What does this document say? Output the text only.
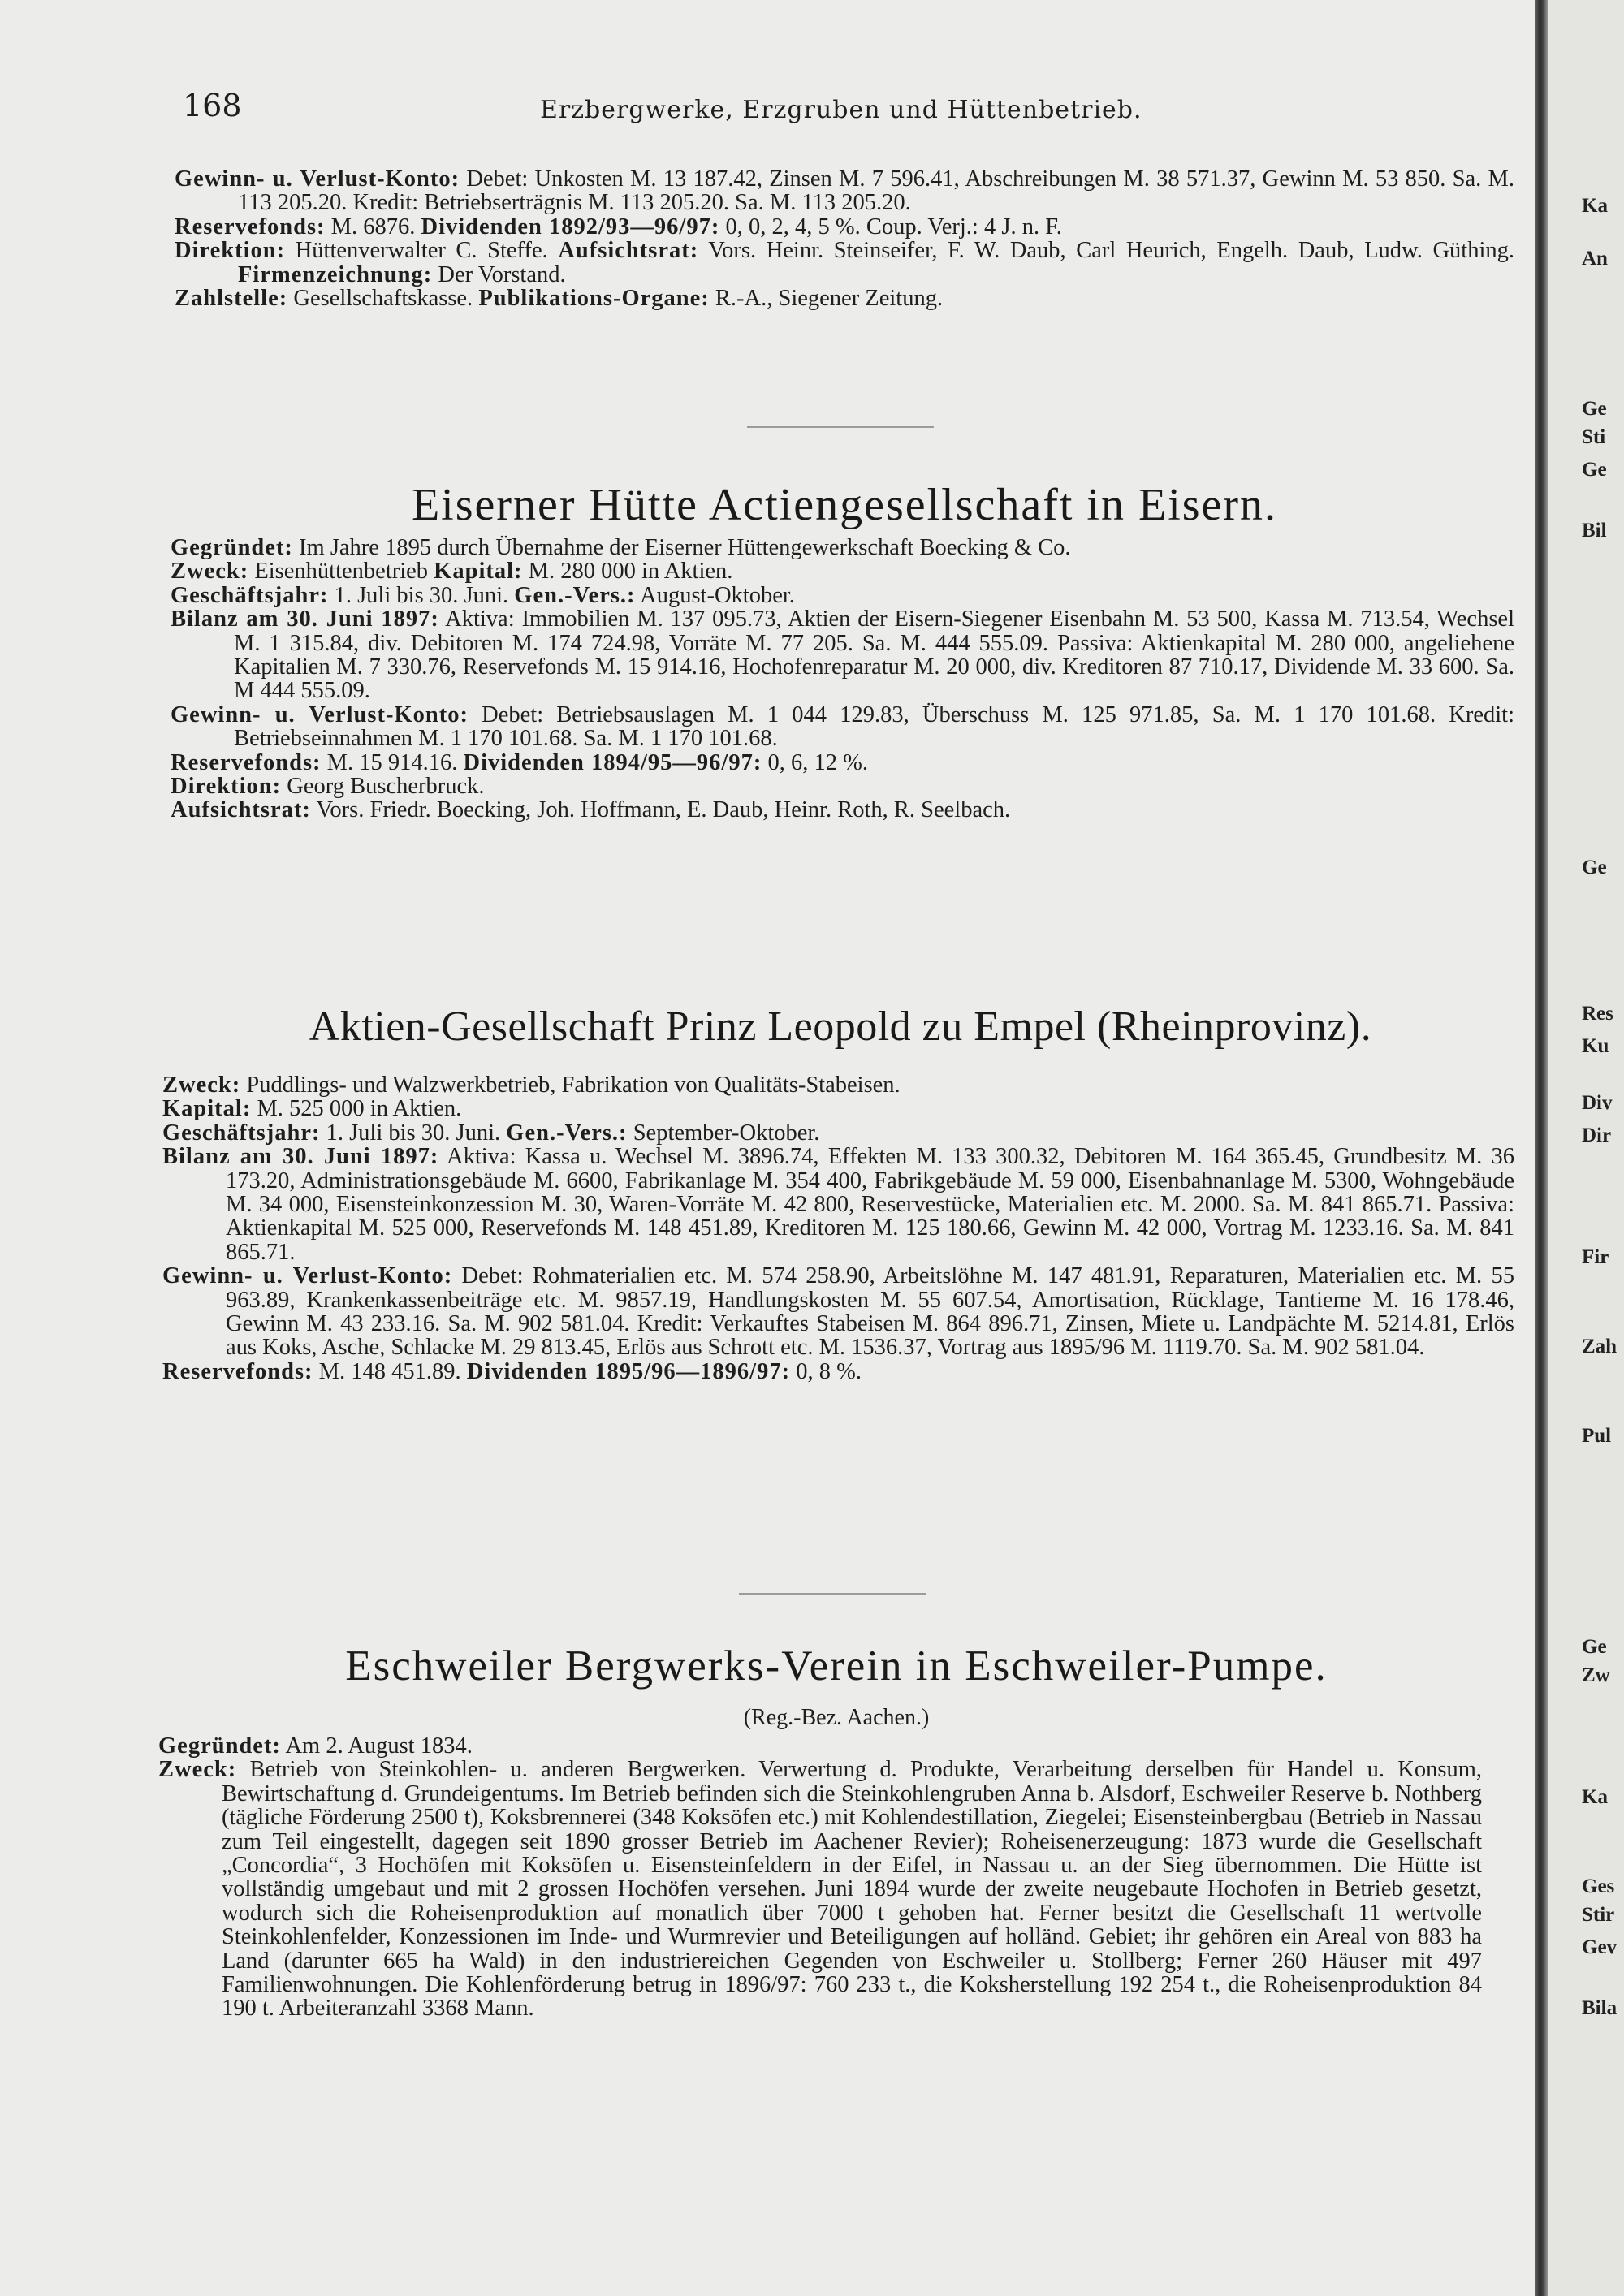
168	Erzbergwerke, Erzgruben und Hüttenbetrieb.

Gewinn- u. Verlust-Konto: Debet: Unkosten M. 13 187.42, Zinsen M. 7 596.41, Abschreibungen M. 38 571.37, Gewinn M. 53 850. Sa. M. 113 205.20. Kredit: Betriebserträgnis M. 113 205.20. Sa. M. 113 205.20.

Reservefonds: M. 6876. Dividenden 1892/93—96/97: 0, 0, 2, 4, 5 %. Coup. Verj.: 4 J. n. F.

Direktion: Hüttenverwalter C. Steffe. Aufsichtsrat: Vors. Heinr. Steinseifer, F. W. Daub, Carl Heurich, Engelh. Daub, Ludw. Güthing. Firmenzeichnung: Der Vorstand.

Zahlstelle: Gesellschaftskasse. Publikations-Organe: R.-A., Siegener Zeitung.

Eiserner Hütte Actiengesellschaft in Eisern.

Gegründet: Im Jahre 1895 durch Übernahme der Eiserner Hüttengewerkschaft Boecking & Co.

Zweck: Eisenhüttenbetrieb Kapital: M. 280 000 in Aktien.

Geschäftsjahr: 1. Juli bis 30. Juni. Gen.-Vers.: August-Oktober.

Bilanz am 30. Juni 1897: Aktiva: Immobilien M. 137 095.73, Aktien der Eisern-Siegener Eisenbahn M. 53 500, Kassa M. 713.54, Wechsel M. 1 315.84, div. Debitoren M. 174 724.98, Vorräte M. 77 205. Sa. M. 444 555.09. Passiva: Aktienkapital M. 280 000, angeliehene Kapitalien M. 7 330.76, Reservefonds M. 15 914.16, Hochofenreparatur M. 20 000, div. Kreditoren 87 710.17, Dividende M. 33 600. Sa. M 444 555.09.

Gewinn- u. Verlust-Konto: Debet: Betriebsauslagen M. 1 044 129.83, Überschuss M. 125 971.85, Sa. M. 1 170 101.68. Kredit: Betriebseinnahmen M. 1 170 101.68. Sa. M. 1 170 101.68.

Reservefonds: M. 15 914.16. Dividenden 1894/95—96/97: 0, 6, 12 %.

Direktion: Georg Buscherbruck.

Aufsichtsrat: Vors. Friedr. Boecking, Joh. Hoffmann, E. Daub, Heinr. Roth, R. Seelbach.

Aktien-Gesellschaft Prinz Leopold zu Empel (Rheinprovinz).

Zweck: Puddlings- und Walzwerkbetrieb, Fabrikation von Qualitäts-Stabeisen.

Kapital: M. 525 000 in Aktien.

Geschäftsjahr: 1. Juli bis 30. Juni. Gen.-Vers.: September-Oktober.

Bilanz am 30. Juni 1897: Aktiva: Kassa u. Wechsel M. 3896.74, Effekten M. 133 300.32, Debitoren M. 164 365.45, Grundbesitz M. 36 173.20, Administrationsgebäude M. 6600, Fabrikanlage M. 354 400, Fabrikgebäude M. 59 000, Eisenbahnanlage M. 5300, Wohngebäude M. 34 000, Eisensteinkonzession M. 30, Waren-Vorräte M. 42 800, Reservestücke, Materialien etc. M. 2000. Sa. M. 841 865.71. Passiva: Aktienkapital M. 525 000, Reservefonds M. 148 451.89, Kreditoren M. 125 180.66, Gewinn M. 42 000, Vortrag M. 1233.16. Sa. M. 841 865.71.

Gewinn- u. Verlust-Konto: Debet: Rohmaterialien etc. M. 574 258.90, Arbeitslöhne M. 147 481.91, Reparaturen, Materialien etc. M. 55 963.89, Krankenkassenbeiträge etc. M. 9857.19, Handlungskosten M. 55 607.54, Amortisation, Rücklage, Tantieme M. 16 178.46, Gewinn M. 43 233.16. Sa. M. 902 581.04. Kredit: Verkauftes Stabeisen M. 864 896.71, Zinsen, Miete u. Landpächte M. 5214.81, Erlös aus Koks, Asche, Schlacke M. 29 813.45, Erlös aus Schrott etc. M. 1536.37, Vortrag aus 1895/96 M. 1119.70. Sa. M. 902 581.04.

Reservefonds: M. 148 451.89. Dividenden 1895/96—1896/97: 0, 8 %.

Eschweiler Bergwerks-Verein in Eschweiler-Pumpe.
(Reg.-Bez. Aachen.)

Gegründet: Am 2. August 1834.

Zweck: Betrieb von Steinkohlen- u. anderen Bergwerken. Verwertung d. Produkte, Verarbeitung derselben für Handel u. Konsum, Bewirtschaftung d. Grundeigentums. Im Betrieb befinden sich die Steinkohlengruben Anna b. Alsdorf, Eschweiler Reserve b. Nothberg (tägliche Förderung 2500 t), Koksbrennerei (348 Koksöfen etc.) mit Kohlendestillation, Ziegelei; Eisensteinbergbau (Betrieb in Nassau zum Teil eingestellt, dagegen seit 1890 grosser Betrieb im Aachener Revier); Roheisenerzeugung: 1873 wurde die Gesellschaft „Concordia“, 3 Hochöfen mit Koksöfen u. Eisensteinfeldern in der Eifel, in Nassau u. an der Sieg übernommen. Die Hütte ist vollständig umgebaut und mit 2 grossen Hochöfen versehen. Juni 1894 wurde der zweite neugebaute Hochofen in Betrieb gesetzt, wodurch sich die Roheisenproduktion auf monatlich über 7000 t gehoben hat. Ferner besitzt die Gesellschaft 11 wertvolle Steinkohlenfelder, Konzessionen im Inde- und Wurmrevier und Beteiligungen auf holländ. Gebiet; ihr gehören ein Areal von 883 ha Land (darunter 665 ha Wald) in den industriereichen Gegenden von Eschweiler u. Stollberg; Ferner 260 Häuser mit 497 Familienwohnungen. Die Kohlenförderung betrug in 1896/97: 760 233 t., die Koksherstellung 192 254 t., die Roheisenproduktion 84 190 t. Arbeiteranzahl 3368 Mann.

Ka
An
Ge
Sti
Ge
Bil
Ge
Res
Ku
Div
Dir
Fir
Zah
Pul
Ge
Zw
Ka
Ges
Stir
Gev
Bila
